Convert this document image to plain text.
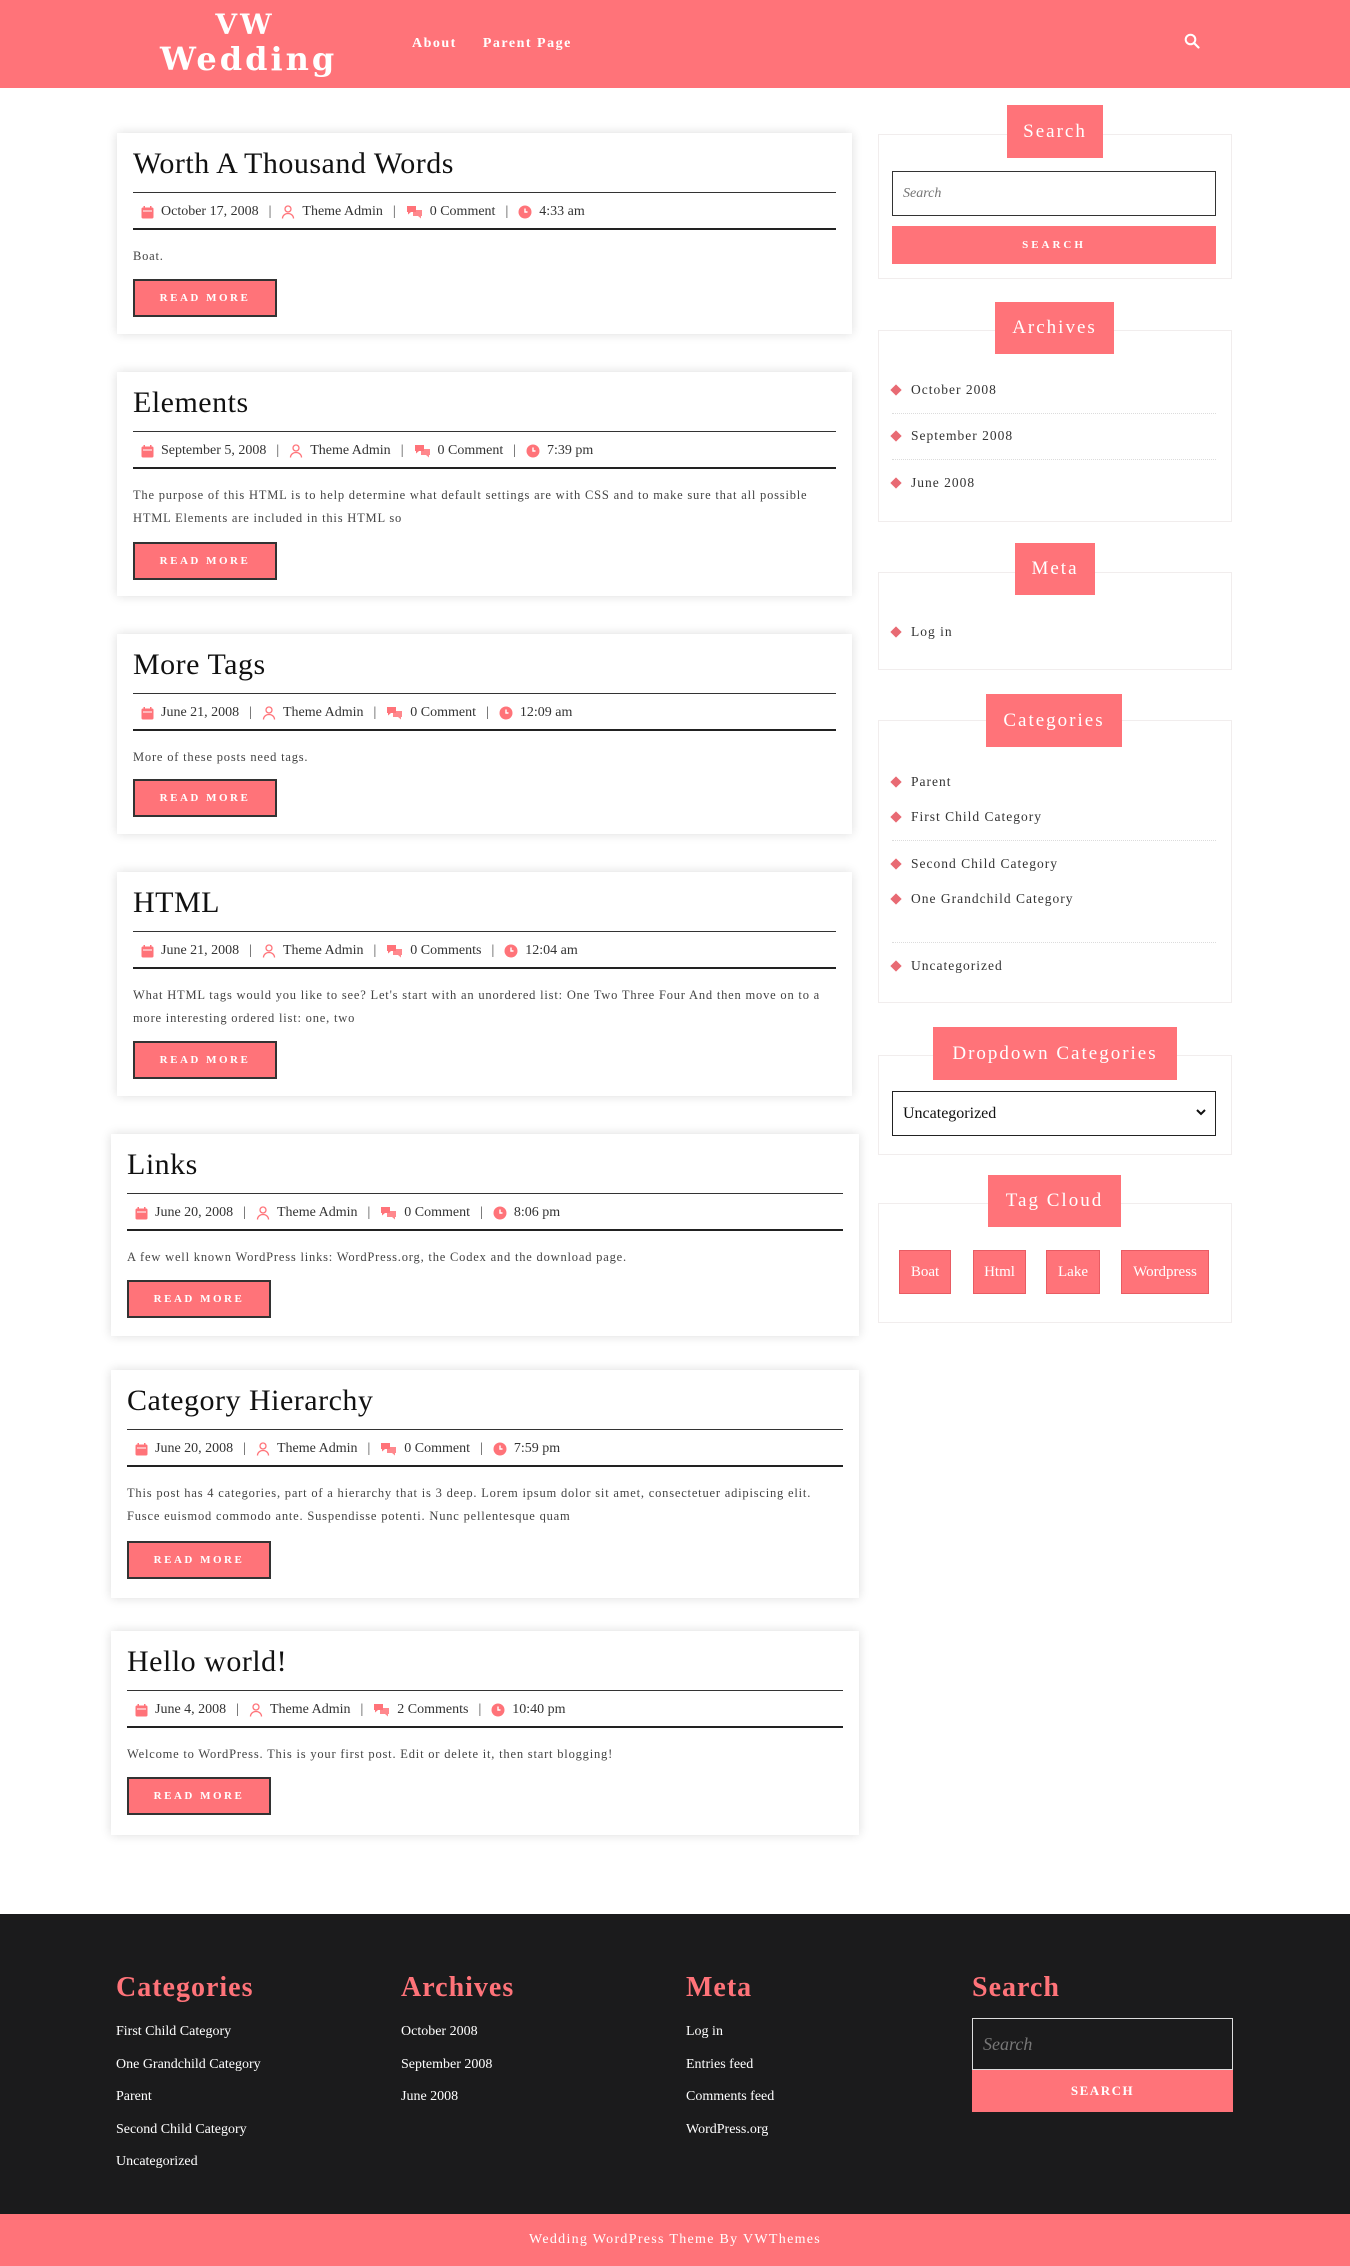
VW
Wedding	About Parent Page
Worth A Thousand Words
October 17, 2008 | Theme Admin | 0 Comment | 4:33 am

Boat.

READ MORE
Elements
September 5, 2008 | Theme Admin | 0 Comment | 7:39 pm

The purpose of this HTML is to help determine what default settings are with CSS and to make sure that all possible HTML Elements are included in this HTML so

READ MORE
More Tags
June 21, 2008 | Theme Admin | 0 Comment | 12:09 am

More of these posts need tags.

READ MORE
HTML
June 21, 2008 | Theme Admin | 0 Comments | 12:04 am

What HTML tags would you like to see? Let's start with an unordered list: One Two Three Four And then move on to a more interesting ordered list: one, two

READ MORE
Links
June 20, 2008 | Theme Admin | 0 Comment | 8:06 pm

A few well known WordPress links: WordPress.org, the Codex and the download page.

READ MORE
Category Hierarchy
June 20, 2008 | Theme Admin | 0 Comment | 7:59 pm

This post has 4 categories, part of a hierarchy that is 3 deep. Lorem ipsum dolor sit amet, consectetuer adipiscing elit. Fusce euismod commodo ante. Suspendisse potenti. Nunc pellentesque quam

READ MORE
Hello world!
June 4, 2008 | Theme Admin | 2 Comments | 10:40 pm

Welcome to WordPress. This is your first post. Edit or delete it, then start blogging!

READ MORE
Search
Search
SEARCH
Archives
October 2008
September 2008
June 2008
Meta
Log in
Categories
Parent
First Child Category
Second Child Category
One Grandchild Category
Uncategorized
Dropdown Categories
Uncategorized
Tag Cloud
Boat	Html	Lake	Wordpress
Categories
First Child Category
One Grandchild Category
Parent
Second Child Category
Uncategorized
Archives
October 2008
September 2008
June 2008
Meta
Log in
Entries feed
Comments feed
WordPress.org
Search
Search
SEARCH
Wedding WordPress Theme By VWThemes
